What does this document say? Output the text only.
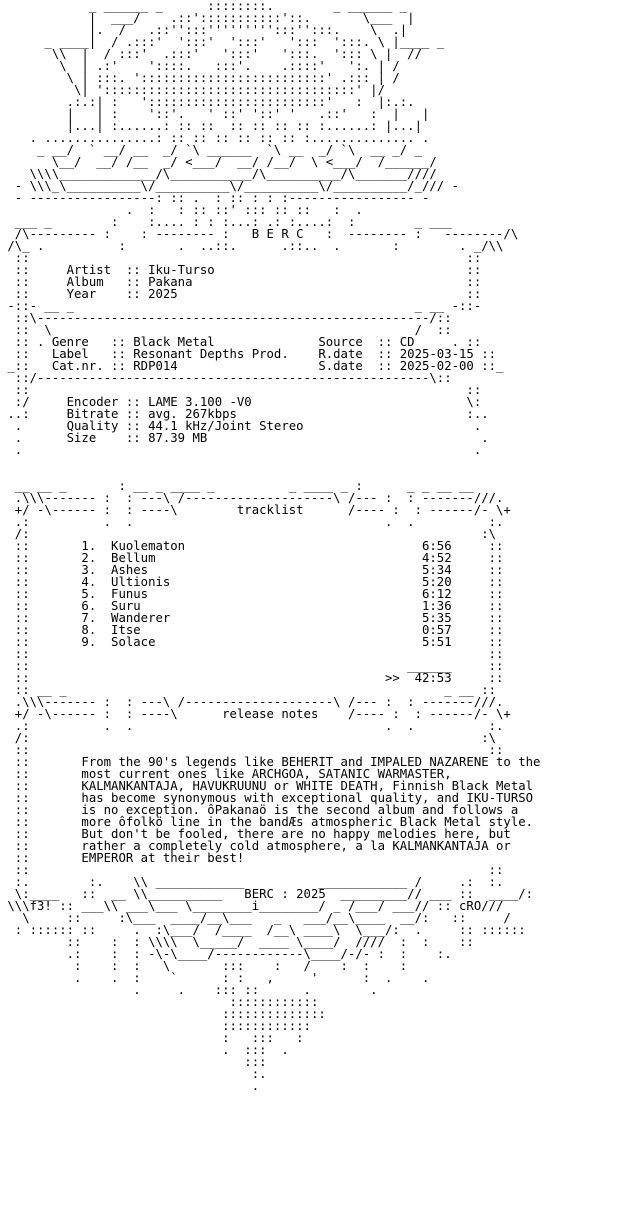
_ ______ _      ::::::::.        _ ______ _
|  ___/    .::':::::::::::'::.       \___  |
|.  /   .::'':::''''''''':::'':::.    \  .|
_ ____|  / .:::'  ':::'  ':::'   ':::  ':::. \ |____ _
\\  |  / :::'  .:::'   ':::'   ':::.  '::: \ |  //
\  | .:'    '::::.   :::'.    .::::'   ':. | /
\ | :::. ':::::::::::::::::::::::::' .::: | /
\| '::::::::::::::::::::::::::::::::::' |/
.:.:| :   '::::::::::::::::::::::::'   :  |:.:.
|   | :    '::'.   ' ::' '::' '   .::'   :  |   |
|...| :......: :: ::  :: :: :: :: :......: |...|
. ...............: :: :: :: :: :: :: :.............. .
_ __/  ` __/ __  _/ `\ ______  `\ __  _/ `\  __ _/ _
\__/  __/ /__  _/ <___/  __/ /__/  \ <___/  /______/
\\\\_____________/\___________/\__________/\_______////
- \\\_\__________\/__________\/__________\/__________/_/// -
- -----------------: :: .  : :: : : :----------------- -
.  :   : :: ::' ::: :: ::   :  .
___ _        :    :.... : : :...: .: :....:  :        _ ___
/\--------- :    : -------- :   B E R C   :  -------- :   --------/\
/\_ .          :       .  ..::.      .::..  .       :        . _/\\
::                                                           ::
::     Artist  :: Iku-Turso                                  ::
::     Album   :: Pakana                                     ::
::     Year    :: 2025                                       ::
-::- __ _                                              _ __ -::-
::\-----------------------------------------------------/::
::  \                                                 /  ::
:: . Genre   :: Black Metal              Source  :: CD     . ::
::   Label   :: Resonant Depths Prod.    R.date  :: 2025-03-15 ::
_::   Cat.nr. :: RDP014                   S.date  :: 2025-02-00 ::_
::/-----------------------------------------------------\::
::                                                           ::
:/     Encoder :: LAME 3.100 -V0                             \:
..:     Bitrate :: avg. 267kbps                               :..
.      Quality :: 44.1 kHz/Joint Stereo                       .
.      Size    :: 87.39 MB                                     .
.                                                             .

__ __ _       : __ _ ____ _          _ ____ _ :      _ _ __ __
.\\\------- :  : ---\ /--------------------\ /--- :  : -------///.
+/ -\------ :  : ----\        tracklist      /---- :  : ------/- \+
.:          .  .                                  .  .          :.
/:                                                             :\
::       1.  Kuolematon                                6:56     ::
::       2.  Bellum                                    4:52     ::
::       3.  Ashes                                     5:34     ::
::       4.  Ultionis                                  5:20     ::
::       5.  Funus                                     6:12     ::
::       6.  Suru                                      1:36     ::
::       7.  Wanderer                                  5:35     ::
::       8.  Itse                                      0:57     ::
::       9.  Solace                                    5:51     ::
::                                                              ::
::                                                   ______     ::
::                                                >>  42:53     ::
:: __ _                                                   _ __ ::
.\\\------- :  : ---\ /--------------------\ /--- :  : -------///.
+/ -\------ :  : ----\      release notes    /---- :  : ------/- \+
.:          .  .                                  .  .          :.
/:                                                             :\
::                                                              ::
::       From the 90's legends like BEHERIT and IMPALED NAZARENE to the
::       most current ones like ARCHGOA, SATANIC WARMASTER,
::       KALMANKANTAJA, HAVUKRUUNU or WHITE DEATH, Finnish Black Metal
::       has become synonymous with exceptional quality, and IKU-TURSO
::       is no exception. ôPakanaö is the second album and follows a
::       more ôfolkö line in the bandÆs atmospheric Black Metal style.
::       But don't be fooled, there are no happy melodies here, but
::       rather a completely cold atmosphere, a la KALMANKANTAJA or
::       EMPEROR at their best!
::                                                              ::
:.        :.    \\ ____________          ____________ /     .:  :.
\:____   ::  __ \\__________   BERC : 2025  _________// ___ ::  ____/:
\\\f3! :: ___\\ ___\___ \________i________/ _ /___/ ___// :: cRO///
\     ::     :\___  ____/__\___   _   ___/__\____  __/:   ::     /
: :::::: ::     .  :\___/  /____  /__\ ____\  \___/:  .     :: ::::::
::    :  : \\\\  \_____/  ____ \____/  ////  :  :    ::
.:    :  : -\-\____/------------\____/-/- :  :    :.
:    :  :   \       :::    :   /    :  :    :
.    .  :    `      : :   ,     '      :  .    .
.     .    ::: ::      .        .
::::::::::::
::::::::::::::
::::::::::::
:   :::   :
.  :::  .
:::
:.
.
